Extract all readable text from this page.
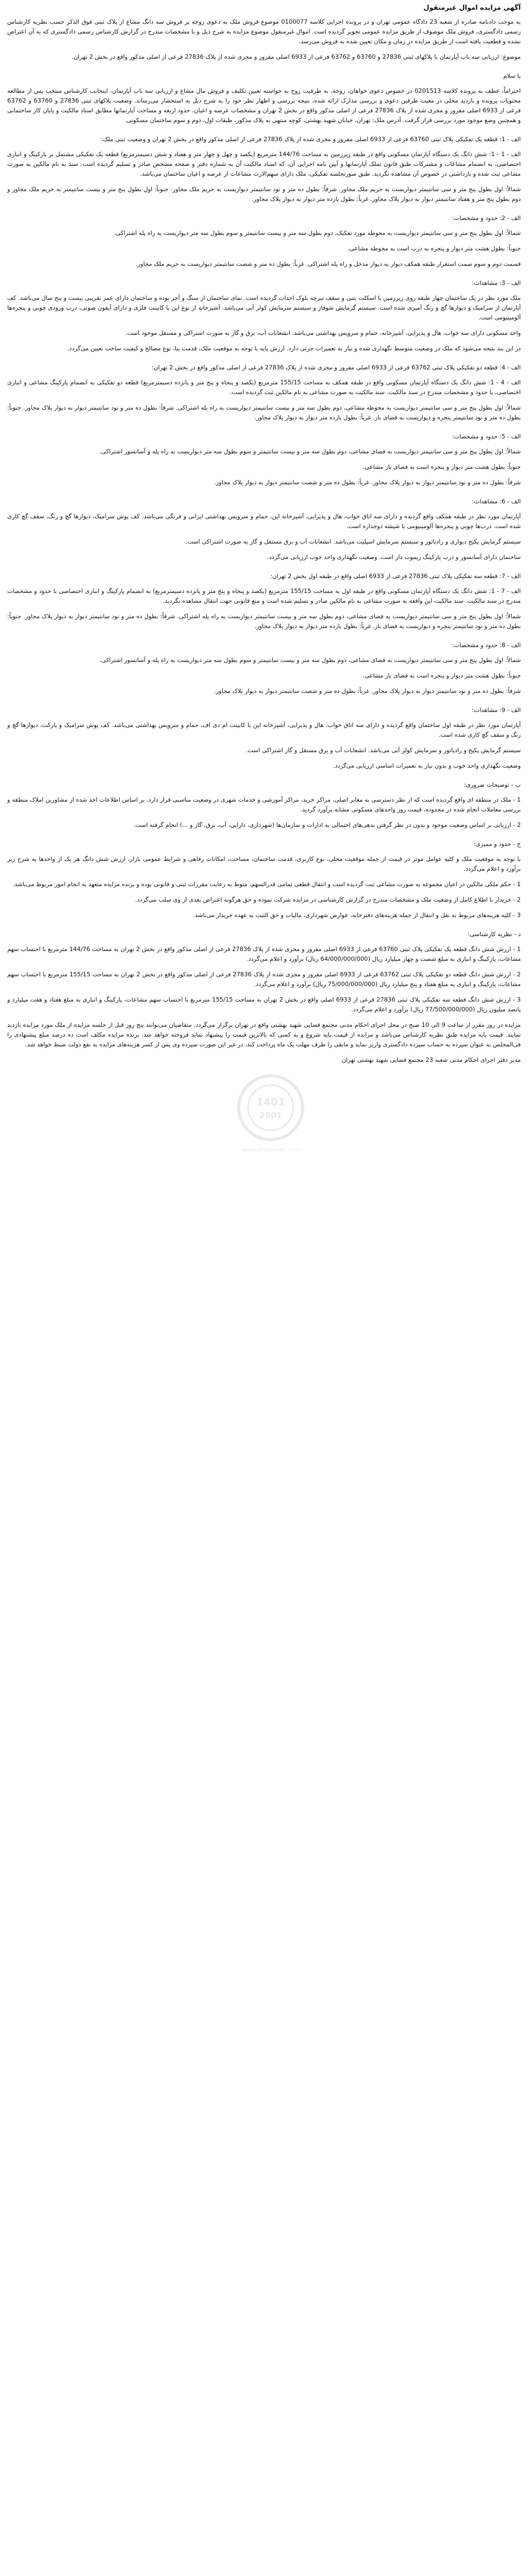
آگهی مزایده اموال غیرمنقول
به موجب دادنامه صادره از شعبه 23 دادگاه عمومی تهران و در پرونده اجرایی کلاسه 0100077 موضوع فروش ملک به دعوی زوجه بر فروش سه دانگ مشاع از پلاک ثبتی فوق الذکر حسب نظریه کارشناس رسمی دادگستری، فروش ملک موصوف از طریق مزایده عمومی تجویز گردیده است. اموال غیرمنقول موضوع مزایده به شرح ذیل و با مشخصات مندرج در گزارش کارشناس رسمی دادگستری که به آن اعتراض نشده و قطعیت یافته است از طریق مزایده در زمان و مکان تعیین شده به فروش می‌رسد.
موضوع: ارزیابی سه باب آپارتمان با پلاکهای ثبتی 27836 و 63760 و 63762 فرعی از 6933 اصلی مفروز و مجزی شده از پلاک 27836 فرعی از اصلی مذکور واقع در بخش 2 تهران.
با سلام
احتراماً، عطف به پرونده کلاسه 0201513 در خصوص دعوی خواهان، زوجه، به طرفیت زوج به خواسته تعیین تکلیف و فروش مال مشاع و ارزیابی سه باب آپارتمان، اینجانب کارشناس منتخب پس از مطالعه محتویات پرونده و بازدید محلی در معیت طرفین دعوی و بررسی مدارک ارائه شده، نتیجه بررسی و اظهار نظر خود را به شرح ذیل به استحضار می‌رساند. وضعیت پلاکهای ثبتی 27836 و 63760 و 63762 فرعی از 6933 اصلی مفروز و مجزی شده از پلاک 27836 فرعی از اصلی مذکور واقع در بخش 2 تهران و مشخصات عرصه و اعیان، حدود اربعه و مساحت آپارتمانها مطابق اسناد مالکیت و پایان کار ساختمانی و همچنین وضع موجود مورد بررسی قرار گرفت. آدرس ملک: تهران، خیابان شهید بهشتی، کوچه منتهی به پلاک مذکور، طبقات اول، دوم و سوم ساختمان مسکونی.
الف - 1: قطعه یک تفکیکی پلاک ثبتی 63760 فرعی از 6933 اصلی مفروز و مجزی شده از پلاک 27836 فرعی از اصلی مذکور واقع در بخش 2 تهران و وضعیت ثبتی ملک:
الف - 1 - 1: شش دانگ یک دستگاه آپارتمان مسکونی واقع در طبقه زیرزمین به مساحت 144/76 مترمربع (یکصد و چهل و چهار متر و هفتاد و شش دسیمترمربع) قطعه یک تفکیکی مشتمل بر پارکینگ و انباری اختصاصی، به انضمام مشاعات و مشترکات طبق قانون تملک آپارتمانها و آیین نامه اجرایی آن، که اسناد مالکیت آن به شماره دفتر و صفحه مشخص صادر و تسلیم گردیده است. سند به نام مالکین به صورت مشاعی ثبت شده و بازداشتی در خصوص آن مشاهده نگردید. طبق صورتجلسه تفکیکی، ملک دارای سهم‌الارث مشاعات از عرصه و اعیان ساختمان می‌باشد.
شمالاً: اول بطول پنج متر و سی سانتیمتر دیواریست به حریم ملک مجاور. شرقاً: بطول ده متر و نود سانتیمتر دیواریست به حریم ملک مجاور. جنوباً: اول بطول پنج متر و بیست سانتیمتر به حریم ملک مجاور و دوم بطول پنج متر و هفتاد سانتیمتر دیوار به دیوار پلاک مجاور. غرباً: بطول یازده متر دیوار به دیوار پلاک مجاور.
الف - 2: حدود و مشخصات:
شمالاً: اول بطول پنج متر و سی سانتیمتر دیواریست به محوطه مورد تفکیک، دوم بطول سه متر و بیست سانتیمتر و سوم بطول سه متر دیواریست به راه پله اشتراکی.
جنوباً: بطول هشت متر دیوار و پنجره به درب است به محوطه مشاعی.
قسمت دوم و سوم سمت استقرار طبقه همکف دیوار به دیوار مدخل و راه پله اشتراکی. غرباً: بطول ده متر و شصت سانتیمتر دیواریست به حریم ملک مجاور.
الف - 3: مشاهدات:
ملک مورد نظر در یک ساختمان چهار طبقه روی زیرزمین با اسکلت بتنی و سقف تیرچه بلوک احداث گردیده است. نمای ساختمان از سنگ و آجر بوده و ساختمان دارای عمر تقریبی بیست و پنج سال می‌باشد. کف آپارتمان از سرامیک و دیوارها گچ و رنگ آمیزی شده است. سیستم گرمایش شوفاژ و سیستم سرمایش کولر آبی می‌باشد. آشپزخانه از نوع اپن با کابینت فلزی و دارای آیفون صوتی، درب ورودی چوبی و پنجره‌ها آلومینیومی است.
واحد مسکونی دارای سه خواب، هال و پذیرایی، آشپزخانه، حمام و سرویس بهداشتی می‌باشد. انشعابات آب، برق و گاز به صورت اشتراکی و مستقل موجود است.
در این بند نتیجه می‌شود که ملک در وضعیت متوسط نگهداری شده و نیاز به تعمیرات جزئی دارد. ارزش پایه با توجه به موقعیت ملک، قدمت بنا، نوع مصالح و کیفیت ساخت تعیین می‌گردد.
الف - 4: قطعه دو تفکیکی پلاک ثبتی 63762 فرعی از 6933 اصلی مفروز و مجزی شده از پلاک 27836 فرعی از اصلی مذکور واقع در بخش 2 تهران:
الف - 4 - 1: شش دانگ یک دستگاه آپارتمان مسکونی واقع در طبقه همکف به مساحت 155/15 مترمربع (یکصد و پنجاه و پنج متر و پانزده دسیمترمربع) قطعه دو تفکیکی به انضمام پارکینگ مشاعی و انباری اختصاصی، با حدود و مشخصات مندرج در سند مالکیت. سند مالکیت به صورت مشاعی به نام مالکین ثبت گردیده است.
شمالاً: اول بطول پنج متر و سی سانتیمتر دیواریست به محوطه مشاعی، دوم بطول سه متر و بیست سانتیمتر دیواریست به راه پله اشتراکی. شرقاً: بطول ده متر و نود سانتیمتر دیوار به دیوار پلاک مجاور. جنوباً: بطول ده متر و نود سانتیمتر پنجره و دیواریست به فضای باز. غرباً: بطول یازده متر دیوار به دیوار پلاک مجاور.
الف - 5: حدود و مشخصات:
شمالاً: اول بطول پنج متر و سی سانتیمتر دیواریست به فضای مشاعی، دوم بطول سه متر و بیست سانتیمتر و سوم بطول سه متر دیواریست به راه پله و آسانسور اشتراکی.
جنوباً: بطول هشت متر دیوار و پنجره است به فضای باز مشاعی.
شرقاً: بطول ده متر و نود سانتیمتر دیوار به دیوار پلاک مجاور. غرباً: بطول ده متر و شصت سانتیمتر دیوار به دیوار پلاک مجاور.
الف - 6: مشاهدات:
آپارتمان مورد نظر در طبقه همکف واقع گردیده و دارای سه اتاق خواب، هال و پذیرایی، آشپزخانه اپن، حمام و سرویس بهداشتی ایرانی و فرنگی می‌باشد. کف پوش سرامیک، دیوارها گچ و رنگ، سقف گچ کاری شده است. درب‌ها چوبی و پنجره‌ها آلومینیومی با شیشه دوجداره است.
سیستم گرمایش پکیج دیواری و رادیاتور و سیستم سرمایش اسپلیت می‌باشد. انشعابات آب و برق مستقل و گاز به صورت اشتراکی است.
ساختمان دارای آسانسور و درب پارکینگ ریموت دار است. وضعیت نگهداری واحد خوب ارزیابی می‌گردد.
الف - 7: قطعه سه تفکیکی پلاک ثبتی 27836 فرعی از 6933 اصلی واقع در طبقه اول بخش 2 تهران:
الف - 7 - 1: شش دانگ یک دستگاه آپارتمان مسکونی واقع در طبقه اول به مساحت 155/15 مترمربع (یکصد و پنجاه و پنج متر و پانزده دسیمترمربع) به انضمام پارکینگ و انباری اختصاصی با حدود و مشخصات مندرج در سند مالکیت. سند مالکیت این واقعه به صورت مشاعی به نام مالکین صادر و تسلیم شده است و منع قانونی جهت انتقال مشاهده نگردید.
شمالاً: اول بطول پنج متر و سی سانتیمتر دیواریست به فضای مشاعی، دوم بطول سه متر و بیست سانتیمتر دیواریست به راه پله اشتراکی. شرقاً: بطول ده متر و نود سانتیمتر دیوار به دیوار پلاک مجاور. جنوباً: بطول ده متر و نود سانتیمتر پنجره و دیواریست به فضای باز. غرباً: بطول یازده متر دیوار به دیوار پلاک مجاور.
الف - 8: حدود و مشخصات:
شمالاً: اول بطول پنج متر و سی سانتیمتر دیواریست به فضای مشاعی، دوم بطول سه متر و بیست سانتیمتر و سوم بطول سه متر دیواریست به راه پله و آسانسور اشتراکی.
جنوباً: بطول هشت متر دیوار و پنجره است به فضای باز مشاعی.
شرقاً: بطول ده متر و نود سانتیمتر دیوار به دیوار پلاک مجاور. غرباً: بطول ده متر و شصت سانتیمتر دیوار به دیوار پلاک مجاور.
الف - 9: مشاهدات:
آپارتمان مورد نظر در طبقه اول ساختمان واقع گردیده و دارای سه اتاق خواب، هال و پذیرایی، آشپزخانه اپن با کابینت ام دی اف، حمام و سرویس بهداشتی می‌باشد. کف پوش سرامیک و پارکت، دیوارها گچ و رنگ و سقف گچ کاری شده است.
سیستم گرمایش پکیج و رادیاتور و سرمایش کولر آبی می‌باشد. انشعابات آب و برق مستقل و گاز اشتراکی است.
وضعیت نگهداری واحد خوب و بدون نیاز به تعمیرات اساسی ارزیابی می‌گردد.
ب - توضیحات ضروری:
1 - ملک در منطقه ای واقع گردیده است که از نظر دسترسی به معابر اصلی، مراکز خرید، مراکز آموزشی و خدمات شهری در وضعیت مناسبی قرار دارد. بر اساس اطلاعات اخذ شده از مشاورین املاک منطقه و بررسی معاملات انجام شده در محدوده، قیمت روز واحدهای مسکونی مشابه برآورد گردید.
2 - ارزیابی بر اساس وضعیت موجود و بدون در نظر گرفتن بدهی‌های احتمالی به ادارات و سازمان‌ها (شهرداری، دارایی، آب، برق، گاز و ...) انجام گرفته است.
ج - حدود و ممیزی:
با توجه به موقعیت ملک و کلیه عوامل موثر در قیمت از جمله موقعیت محلی، نوع کاربری، قدمت ساختمان، مساحت، امکانات رفاهی و شرایط عمومی بازار، ارزش شش دانگ هر یک از واحدها به شرح زیر برآورد و اعلام می‌گردد.
1 - حکم ملکی مالکین در اعیان مجموعه به صورت مشاعی ثبت گردیده است و انتقال قطعی تمامی قدرالسهم، منوط به رعایت مقررات ثبتی و قانونی بوده و برنده مزایده متعهد به انجام امور مربوط می‌باشد.
2 - خریدار با اطلاع کامل از وضعیت ملک و مشخصات مندرج در گزارش کارشناسی در مزایده شرکت نموده و حق هرگونه اعتراض بعدی از وی سلب می‌گردد.
3 - کلیه هزینه‌های مربوط به نقل و انتقال از جمله هزینه‌های دفترخانه، عوارض شهرداری، مالیات و حق الثبت به عهده خریدار می‌باشد.
د - نظریه کارشناسی:
1 - ارزش شش دانگ قطعه یک تفکیکی پلاک ثبتی 63760 فرعی از 6933 اصلی مفروز و مجزی شده از پلاک 27836 فرعی از اصلی مذکور واقع در بخش 2 تهران به مساحت 144/76 مترمربع با احتساب سهم مشاعات، پارکینگ و انباری به مبلغ شصت و چهار میلیارد ریال (64/000/000/000 ریال) برآورد و اعلام می‌گردد.
2 - ارزش شش دانگ قطعه دو تفکیکی پلاک ثبتی 63762 فرعی از 6933 اصلی مفروز و مجزی شده از پلاک 27836 فرعی از اصلی مذکور واقع در بخش 2 تهران به مساحت 155/15 مترمربع با احتساب سهم مشاعات، پارکینگ و انباری به مبلغ هفتاد و پنج میلیارد ریال (75/000/000/000 ریال) برآورد و اعلام می‌گردد.
3 - ارزش شش دانگ قطعه سه تفکیکی پلاک ثبتی 27836 فرعی از 6933 اصلی واقع در بخش 2 تهران به مساحت 155/15 مترمربع با احتساب سهم مشاعات، پارکینگ و انباری به مبلغ هفتاد و هفت میلیارد و پانصد میلیون ریال (77/500/000/000 ریال) برآورد و اعلام می‌گردد.
مزایده در روز مقرر از ساعت 9 الی 10 صبح در محل اجرای احکام مدنی مجتمع قضایی شهید بهشتی واقع در تهران برگزار می‌گردد. متقاضیان می‌توانند پنج روز قبل از جلسه مزایده از ملک مورد مزایده بازدید نمایند. قیمت پایه مزایده طبق نظریه کارشناس می‌باشد و مزایده از قیمت پایه شروع و به کسی که بالاترین قیمت را پیشنهاد نماید فروخته خواهد شد. برنده مزایده مکلف است ده درصد مبلغ پیشنهادی را فی‌المجلس به عنوان سپرده به حساب سپرده دادگستری واریز نماید و مابقی را ظرف مهلت یک ماه پرداخت کند، در غیر این صورت سپرده وی پس از کسر هزینه‌های مزایده به نفع دولت ضبط خواهد شد.
مدیر دفتر اجرای احکام مدنی شعبه 23 مجتمع قضایی شهید بهشتی تهران
1401
2001
www.ahoonews.com
